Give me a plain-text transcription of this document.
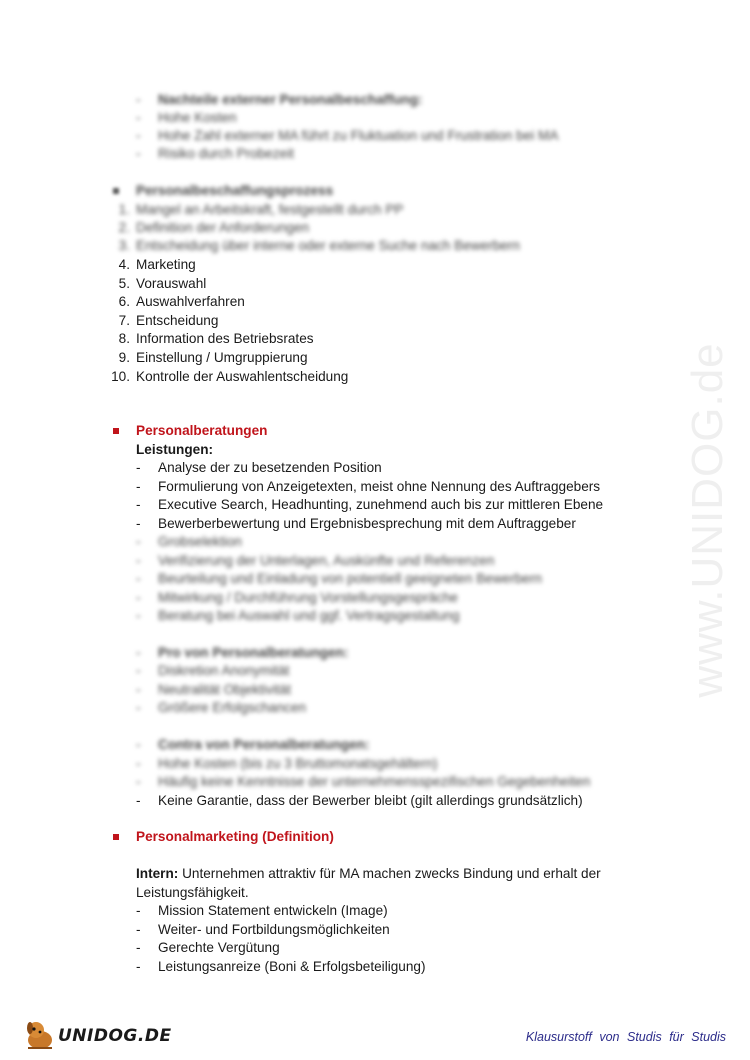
www.UNIDOG.de
- Nachteile externer Personalbeschaffung:
- Hohe Kosten
- Hohe Zahl externer MA führt zu Fluktuation und Frustration bei MA
- Risiko durch Probezeit
Personalbeschaffungsprozess
1. Mangel an Arbeitskraft, festgestellt durch PP
2. Definition der Anforderungen
3. Entscheidung über interne oder externe Suche nach Bewerbern
4. Marketing
5. Vorauswahl
6. Auswahlverfahren
7. Entscheidung
8. Information des Betriebsrates
9. Einstellung / Umgruppierung
10. Kontrolle der Auswahlentscheidung
Personalberatungen
Leistungen:
- Analyse der zu besetzenden Position
- Formulierung von Anzeigetexten, meist ohne Nennung des Auftraggebers
- Executive Search, Headhunting, zunehmend auch bis zur mittleren Ebene
- Bewerberbewertung und Ergebnisbesprechung mit dem Auftraggeber
- Grobselektion
- Verifizierung der Unterlagen, Auskünfte und Referenzen
- Beurteilung und Einladung von potentiell geeigneten Bewerbern
- Mitwirkung / Durchführung Vorstellungsgespräche
- Beratung bei Auswahl und ggf. Vertragsgestaltung
- Pro von Personalberatungen:
- Diskretion Anonymität
- Neutralität Objektivität
- Größere Erfolgschancen
- Contra von Personalberatungen:
- Hohe Kosten (bis zu 3 Bruttomonatsgehältern)
- Häufig keine Kenntnisse der unternehmensspezifischen Gegebenheiten
- Keine Garantie, dass der Bewerber bleibt (gilt allerdings grundsätzlich)
Personalmarketing (Definition)
Intern: Unternehmen attraktiv für MA machen zwecks Bindung und erhalt der
Leistungsfähigkeit.
- Mission Statement entwickeln (Image)
- Weiter- und Fortbildungsmöglichkeiten
- Gerechte Vergütung
- Leistungsanreize (Boni & Erfolgsbeteiligung)
UNIDOG.DE	Klausurstoff von Studis für Studis
